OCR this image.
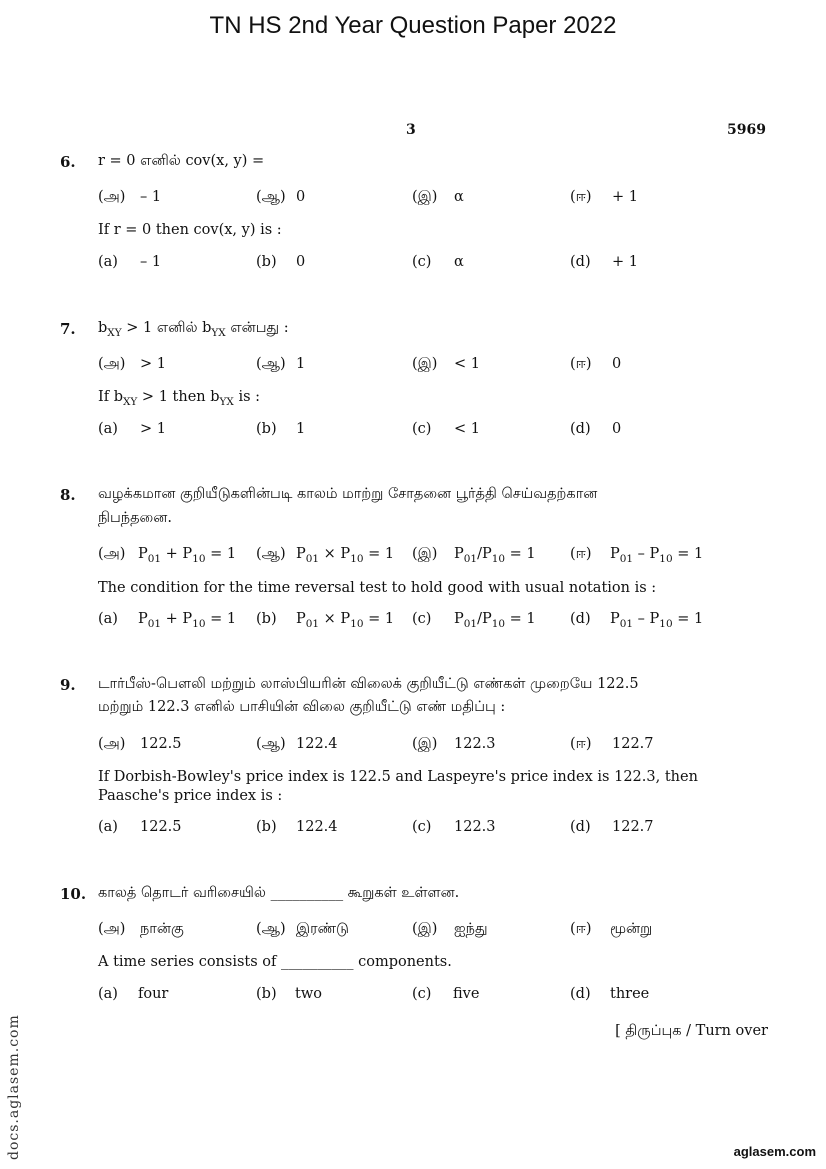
TN HS 2nd Year Question Paper 2022
3	5969
6. r = 0 எனில் cov(x, y) =
(அ) – 1	(ஆ) 0	(இ) α	(ஈ) + 1
If r = 0 then cov(x, y) is :
(a) – 1	(b) 0	(c) α	(d) + 1
7. $b_{XY} > 1$ எனில் $b_{YX}$ என்பது :
(அ) > 1	(ஆ) 1	(இ) < 1	(ஈ) 0
If $b_{XY} > 1$ then $b_{YX}$ is :
(a) > 1	(b) 1	(c) < 1	(d) 0
8. வழக்கமான குறியீடுகளின்படி காலம் மாற்று சோதனை பூர்த்தி செய்வதற்கான
நிபந்தனை.
(அ) $P_{01} + P_{10} = 1$ (ஆ) $P_{01} \times P_{10} = 1$ (இ) $P_{01}/P_{10} = 1$ (ஈ) $P_{01} - P_{10} = 1$
The condition for the time reversal test to hold good with usual notation is :
(a) $P_{01} + P_{10} = 1$ (b) $P_{01} \times P_{10} = 1$ (c) $P_{01}/P_{10} = 1$ (d) $P_{01} - P_{10} = 1$
9. டார்பீஸ்-பௌலி மற்றும் லாஸ்பியரின் விலைக் குறியீட்டு எண்கள் முறையே 122.5
மற்றும் 122.3 எனில் பாசியின் விலை குறியீட்டு எண் மதிப்பு :
(அ) 122.5	(ஆ) 122.4	(இ) 122.3	(ஈ) 122.7
If Dorbish-Bowley's price index is 122.5 and Laspeyre's price index is 122.3, then
Paasche's price index is :
(a) 122.5	(b) 122.4	(c) 122.3	(d) 122.7
10. காலத் தொடர் வரிசையில் __________ கூறுகள் உள்ளன.
(அ) நான்கு	(ஆ) இரண்டு	(இ) ஐந்து	(ஈ) மூன்று
A time series consists of __________ components.
(a) four	(b) two	(c) five	(d) three
[ திருப்புக / Turn over
docs.aglasem.com	aglasem.com
